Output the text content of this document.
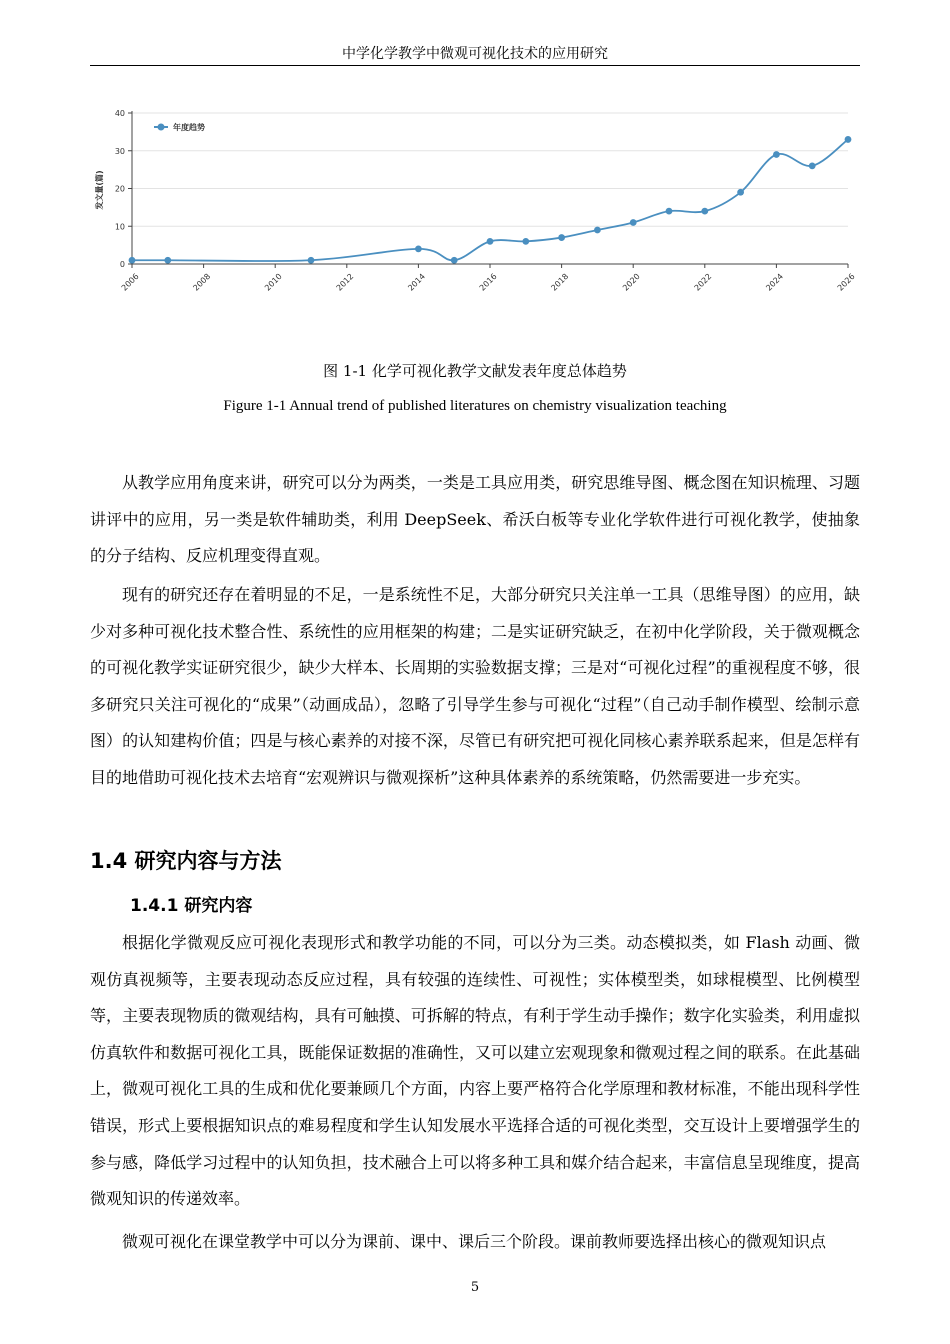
中学化学教学中微观可视化技术的应用研究
0
10
20
30
40
2006	2008	2010	2012	2014	2016	2018	2020	2022	2024	2026
发文量(篇)
年度趋势
图 1-1 化学可视化教学文献发表年度总体趋势
Figure 1-1 Annual trend of published literatures on chemistry visualization teaching

从教学应用角度来讲，研究可以分为两类，一类是工具应用类，研究思维导图、概念图在知识梳理、习题讲评中的应用，另一类是软件辅助类，利用 DeepSeek、希沃白板等专业化学软件进行可视化教学，使抽象的分子结构、反应机理变得直观。

现有的研究还存在着明显的不足，一是系统性不足，大部分研究只关注单一工具（思维导图）的应用，缺少对多种可视化技术整合性、系统性的应用框架的构建；二是实证研究缺乏，在初中化学阶段，关于微观概念的可视化教学实证研究很少，缺少大样本、长周期的实验数据支撑；三是对“可视化过程”的重视程度不够，很多研究只关注可视化的“成果”（动画成品），忽略了引导学生参与可视化“过程”（自己动手制作模型、绘制示意图）的认知建构价值；四是与核心素养的对接不深，尽管已有研究把可视化同核心素养联系起来，但是怎样有目的地借助可视化技术去培育“宏观辨识与微观探析”这种具体素养的系统策略，仍然需要进一步充实。

1.4 研究内容与方法
1.4.1 研究内容

根据化学微观反应可视化表现形式和教学功能的不同，可以分为三类。动态模拟类，如 Flash 动画、微观仿真视频等，主要表现动态反应过程，具有较强的连续性、可视性；实体模型类，如球棍模型、比例模型等，主要表现物质的微观结构，具有可触摸、可拆解的特点，有利于学生动手操作；数字化实验类，利用虚拟仿真软件和数据可视化工具，既能保证数据的准确性，又可以建立宏观现象和微观过程之间的联系。在此基础上，微观可视化工具的生成和优化要兼顾几个方面，内容上要严格符合化学原理和教材标准，不能出现科学性错误，形式上要根据知识点的难易程度和学生认知发展水平选择合适的可视化类型，交互设计上要增强学生的参与感，降低学习过程中的认知负担，技术融合上可以将多种工具和媒介结合起来，丰富信息呈现维度，提高微观知识的传递效率。

微观可视化在课堂教学中可以分为课前、课中、课后三个阶段。课前教师要选择出核心的微观知识点

5
